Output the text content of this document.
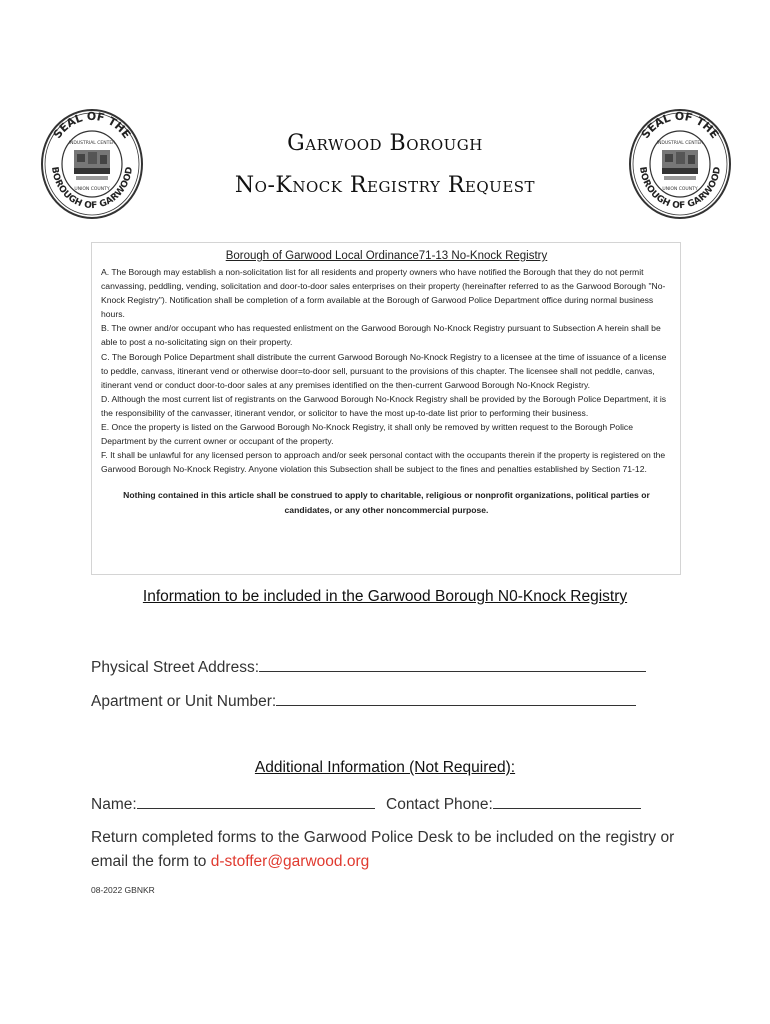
SEAL OF THE
BOROUGH OF GARWOOD
INDUSTRIAL CENTER
UNION COUNTY
SEAL OF THE
BOROUGH OF GARWOOD
INDUSTRIAL CENTER
UNION COUNTY
Garwood Borough
No-Knock Registry Request
Borough of Garwood Local Ordinance71-13 No-Knock Registry

A. The Borough may establish a non-solicitation list for all residents and property owners who have notified the Borough that they do not permit canvassing, peddling, vending, solicitation and door-to-door sales enterprises on their property (hereinafter referred to as the Garwood Borough "No-Knock Registry"). Notification shall be completion of a form available at the Borough of Garwood Police Department office during normal business hours.

B. The owner and/or occupant who has requested enlistment on the Garwood Borough No-Knock Registry pursuant to Subsection A herein shall be able to post a no-solicitating sign on their property.

C. The Borough Police Department shall distribute the current Garwood Borough No-Knock Registry to a licensee at the time of issuance of a license to peddle, canvass, itinerant vend or otherwise door=to-door sell, pursuant to the provisions of this chapter. The licensee shall not peddle, canvas, itinerant vend or conduct door-to-door sales at any premises identified on the then-current Garwood Borough No-Knock Registry.

D. Although the most current list of registrants on the Garwood Borough No-Knock Registry shall be provided by the Borough Police Department, it is the responsibility of the canvasser, itinerant vendor, or solicitor to have the most up-to-date list prior to performing their business.

E. Once the property is listed on the Garwood Borough No-Knock Registry, it shall only be removed by written request to the Borough Police Department by the current owner or occupant of the property.

F. It shall be unlawful for any licensed person to approach and/or seek personal contact with the occupants therein if the property is registered on the Garwood Borough No-Knock Registry. Anyone violation this Subsection shall be subject to the fines and penalties established by Section 71-12.

Nothing contained in this article shall be construed to apply to charitable, religious or nonprofit organizations, political parties or candidates, or any other noncommercial purpose.
Information to be included in the Garwood Borough N0-Knock Registry
Physical Street Address:
Apartment or Unit Number:
Additional Information (Not Required):
Name:	Contact Phone:
Return completed forms to the Garwood Police Desk to be included on the registry or email the form to d-stoffer@garwood.org
08-2022 GBNKR
